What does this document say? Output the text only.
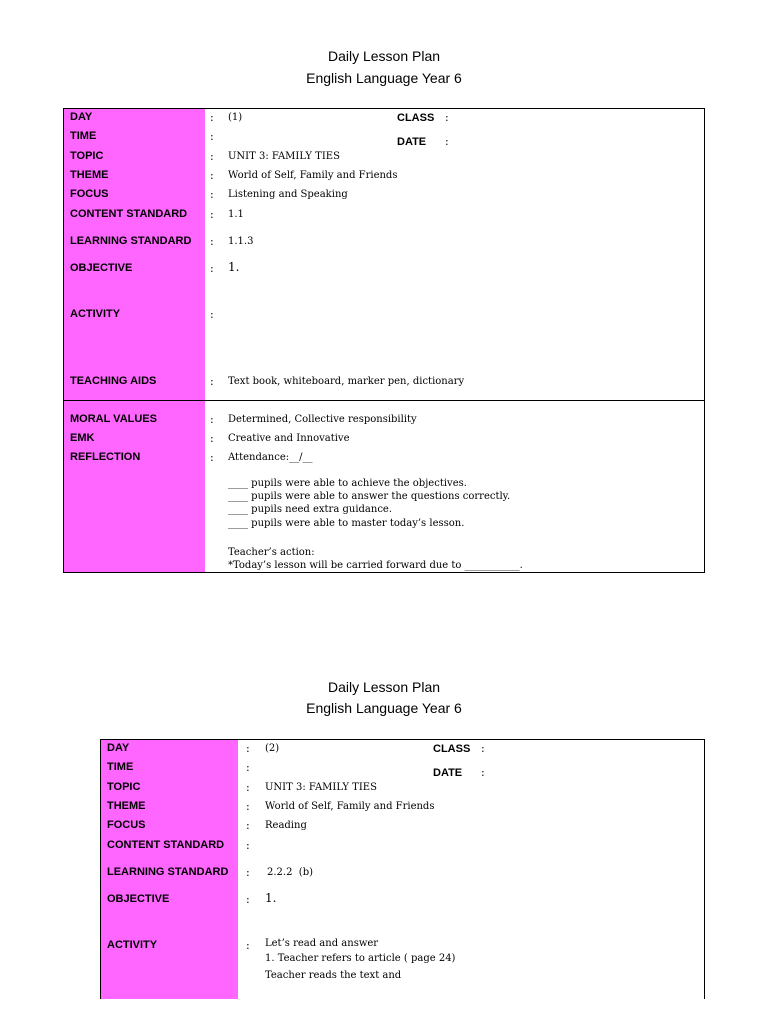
Daily Lesson Plan
English Language Year 6
DAY
TIME
TOPIC
THEME
FOCUS
CONTENT STANDARD
LEARNING STANDARD
OBJECTIVE
ACTIVITY
TEACHING AIDS
MORAL VALUES
EMK
REFLECTION
:
:
:
:
:
:
:
:
:
:
:
:
:
(1)	CLASS :
DATE :
UNIT 3: FAMILY TIES
World of Self, Family and Friends
Listening and Speaking
1.1
1.1.3
1.
Text book, whiteboard, marker pen, dictionary
Determined, Collective responsibility
Creative and Innovative
Attendance:__/__
____ pupils were able to achieve the objectives.
____ pupils were able to answer the questions correctly.
____ pupils need extra guidance.
____ pupils were able to master today’s lesson.
Teacher’s action:
*Today’s lesson will be carried forward due to ___________.
Daily Lesson Plan
English Language Year 6
DAY
TIME
TOPIC
THEME
FOCUS
CONTENT STANDARD
LEARNING STANDARD
OBJECTIVE
ACTIVITY
:
:
:
:
:
:
:
:
:
(2)	CLASS :
DATE :
UNIT 3: FAMILY TIES
World of Self, Family and Friends
Reading
2.2.2  (b)
1.
Let’s read and answer
1. Teacher refers to article ( page 24)
Teacher reads the text and
